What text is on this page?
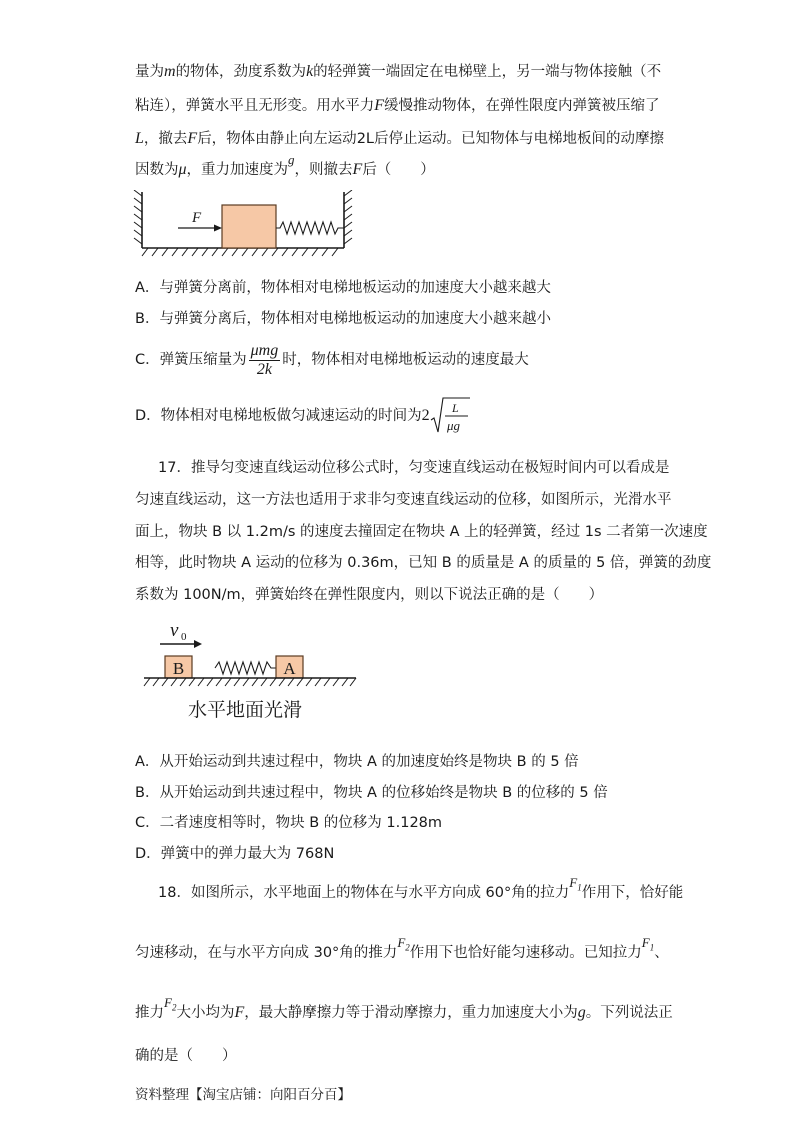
量为m的物体，劲度系数为k的轻弹簧一端固定在电梯壁上，另一端与物体接触（不
粘连），弹簧水平且无形变。用水平力F缓慢推动物体，在弹性限度内弹簧被压缩了
L，撤去F后，物体由静止向左运动2L后停止运动。已知物体与电梯地板间的动摩擦
因数为μ，重力加速度为g，则撤去F后（　　）
F
A．与弹簧分离前，物体相对电梯地板运动的加速度大小越来越大
B．与弹簧分离后，物体相对电梯地板运动的加速度大小越来越小
C．弹簧压缩量为 $\frac{\text{μmg}}{2k}$ 时，物体相对电梯地板运动的速度最大
D．物体相对电梯地板做匀减速运动的时间为2 L
μg
17．推导匀变速直线运动位移公式时，匀变速直线运动在极短时间内可以看成是
匀速直线运动，这一方法也适用于求非匀变速直线运动的位移，如图所示，光滑水平
面上，物块 B 以 1.2m/s 的速度去撞固定在物块 A 上的轻弹簧，经过 1s 二者第一次速度
相等，此时物块 A 运动的位移为 0.36m，已知 B 的质量是 A 的质量的 5 倍，弹簧的劲度
系数为 100N/m，弹簧始终在弹性限度内，则以下说法正确的是（　　）
v 0
B	A
水平地面光滑
A．从开始运动到共速过程中，物块 A 的加速度始终是物块 B 的 5 倍
B．从开始运动到共速过程中，物块 A 的位移始终是物块 B 的位移的 5 倍
C．二者速度相等时，物块 B 的位移为 1.128m
D．弹簧中的弹力最大为 768N
18．如图所示，水平地面上的物体在与水平方向成 60°角的拉力$F_1$作用下，恰好能
匀速移动，在与水平方向成 30°角的推力$F_2$作用下也恰好能匀速移动。已知拉力$F_1$、
推力$F_2$大小均为F，最大静摩擦力等于滑动摩擦力，重力加速度大小为g。下列说法正
确的是（　　）
资料整理【淘宝店铺：向阳百分百】
